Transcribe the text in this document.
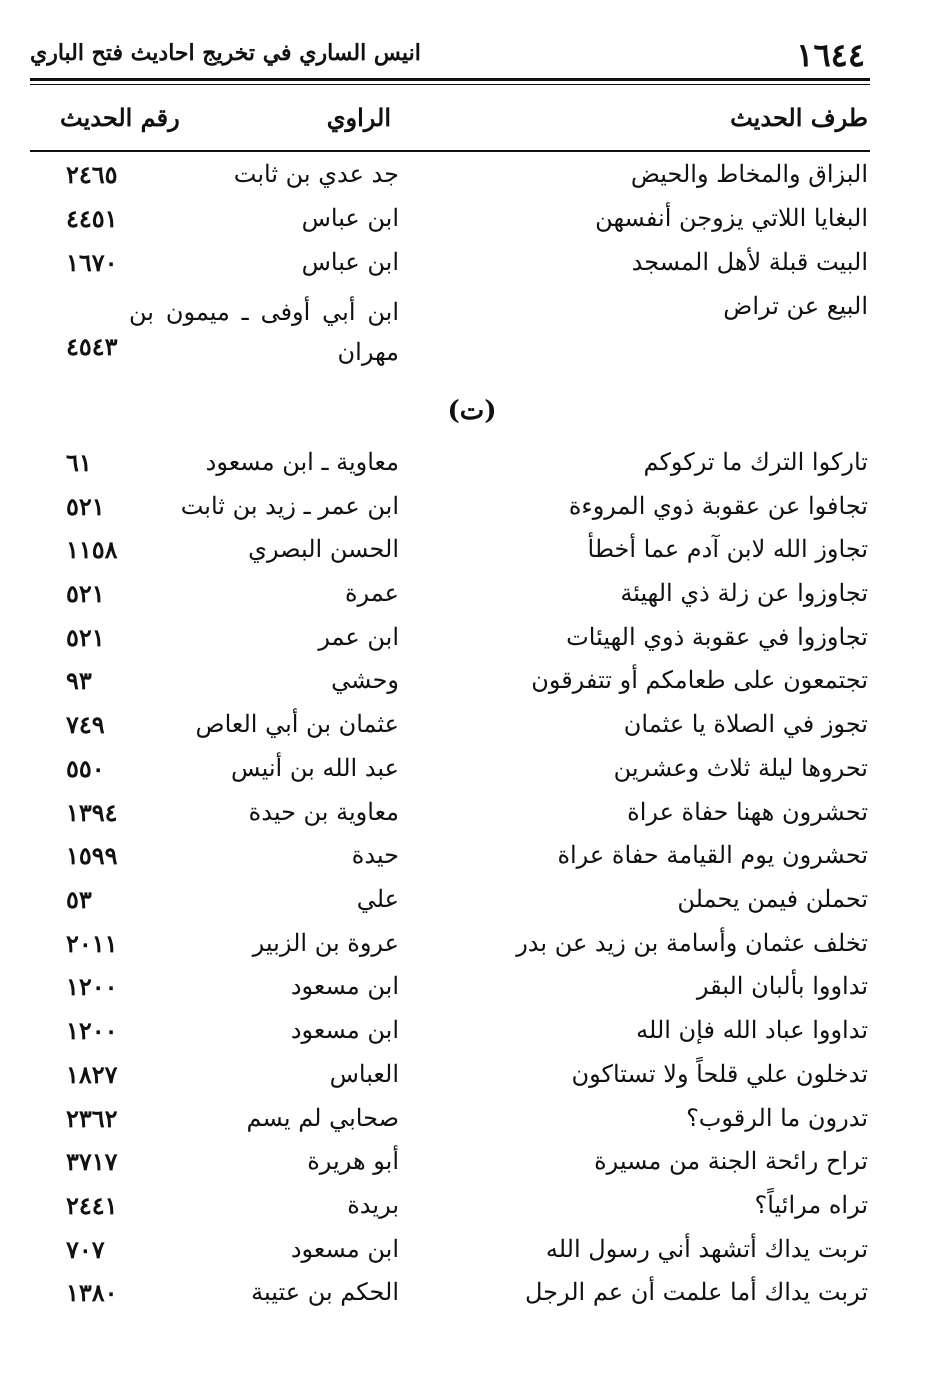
١٦٤٤
انيس الساري في تخريج احاديث فتح الباري
طرف الحديث
الراوي
رقم الحديث
البزاق والمخاط والحيض
جد عدي بن ثابت
٢٤٦٥
البغايا اللاتي يزوجن أنفسهن
ابن عباس
٤٤٥١
البيت قبلة لأهل المسجد
ابن عباس
١٦٧٠
البيع عن تراض
ابن أبي أوفى ـ ميمون بن مهران
٤٥٤٣
(ت)
تاركوا الترك ما تركوكم
معاوية ـ ابن مسعود
٦١
تجافوا عن عقوبة ذوي المروءة
ابن عمر ـ زيد بن ثابت
٥٢١
تجاوز الله لابن آدم عما أخطأ
الحسن البصري
١١٥٨
تجاوزوا عن زلة ذي الهيئة
عمرة
٥٢١
تجاوزوا في عقوبة ذوي الهيئات
ابن عمر
٥٢١
تجتمعون على طعامكم أو تتفرقون
وحشي
٩٣
تجوز في الصلاة يا عثمان
عثمان بن أبي العاص
٧٤٩
تحروها ليلة ثلاث وعشرين
عبد الله بن أنيس
٥٥٠
تحشرون ههنا حفاة عراة
معاوية بن حيدة
١٣٩٤
تحشرون يوم القيامة حفاة عراة
حيدة
١٥٩٩
تحملن فيمن يحملن
علي
٥٣
تخلف عثمان وأسامة بن زيد عن بدر
عروة بن الزبير
٢٠١١
تداووا بألبان البقر
ابن مسعود
١٢٠٠
تداووا عباد الله فإن الله
ابن مسعود
١٢٠٠
تدخلون علي قلحاً ولا تستاكون
العباس
١٨٢٧
تدرون ما الرقوب؟
صحابي لم يسم
٢٣٦٢
تراح رائحة الجنة من مسيرة
أبو هريرة
٣٧١٧
تراه مرائياً؟
بريدة
٢٤٤١
تربت يداك أتشهد أني رسول الله
ابن مسعود
٧٠٧
تربت يداك أما علمت أن عم الرجل
الحكم بن عتيبة
١٣٨٠
